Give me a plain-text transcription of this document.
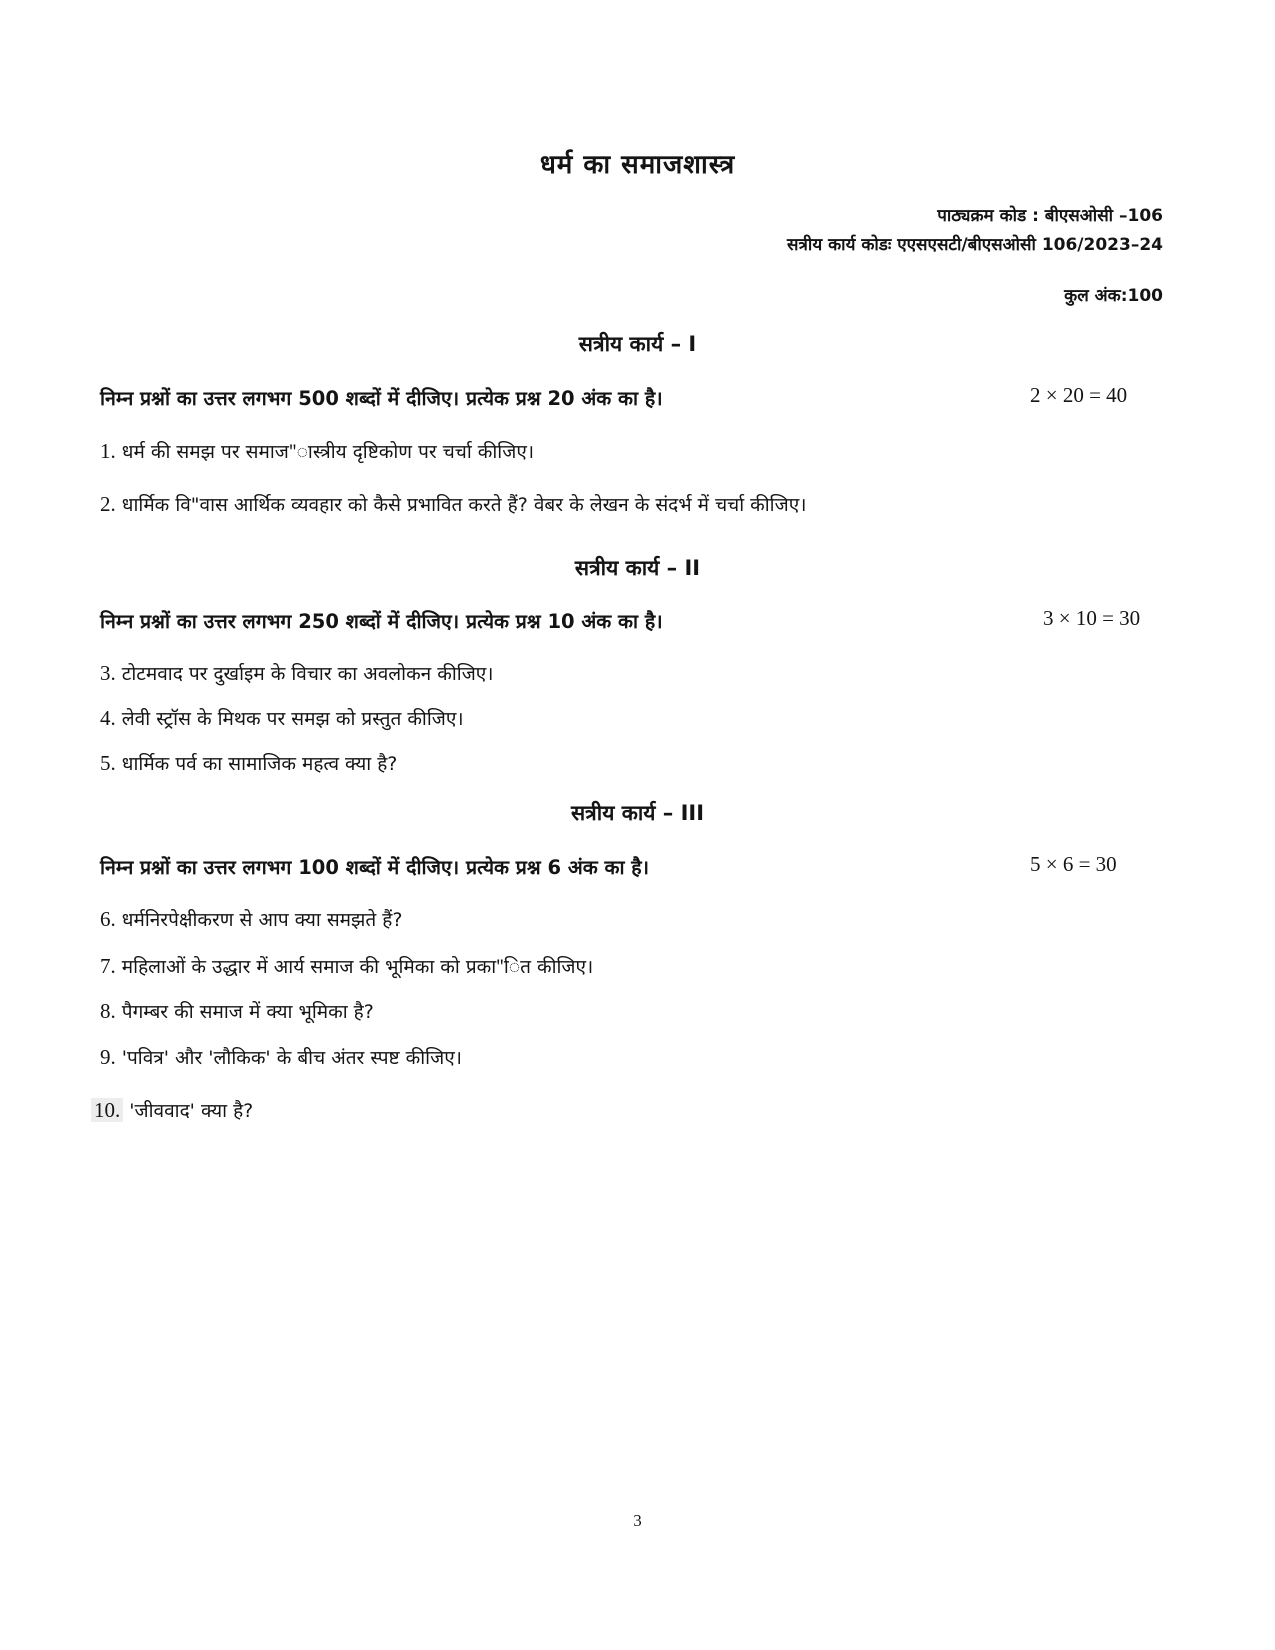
धर्म का समाजशास्त्र
पाठ्यक्रम कोड : बीएसओसी –106
सत्रीय कार्य कोडः एएसएसटी/बीएसओसी 106/2023–24
कुल अंक:100
सत्रीय कार्य – I
निम्न प्रश्नों का उत्तर लगभग 500 शब्दों में दीजिए। प्रत्येक प्रश्न 20 अंक का है।	2 × 20 = 40
1. धर्म की समझ पर समाज"ास्त्रीय दृष्टिकोण पर चर्चा कीजिए।
2. धार्मिक वि"वास आर्थिक व्यवहार को कैसे प्रभावित करते हैं? वेबर के लेखन के संदर्भ में चर्चा कीजिए।
सत्रीय कार्य – II
निम्न प्रश्नों का उत्तर लगभग 250 शब्दों में दीजिए। प्रत्येक प्रश्न 10 अंक का है।	3 × 10 = 30
3. टोटमवाद पर दुर्खाइम के विचार का अवलोकन कीजिए।
4. लेवी स्ट्रॉस के मिथक पर समझ को प्रस्तुत कीजिए।
5. धार्मिक पर्व का सामाजिक महत्व क्या है?
सत्रीय कार्य – III
निम्न प्रश्नों का उत्तर लगभग 100 शब्दों में दीजिए। प्रत्येक प्रश्न 6 अंक का है।	5 × 6 = 30
6. धर्मनिरपेक्षीकरण से आप क्या समझते हैं?
7. महिलाओं के उद्धार में आर्य समाज की भूमिका को प्रका"ित कीजिए।
8. पैगम्बर की समाज में क्या भूमिका है?
9. 'पवित्र' और 'लौकिक' के बीच अंतर स्पष्ट कीजिए।
10. 'जीववाद' क्या है?
3
